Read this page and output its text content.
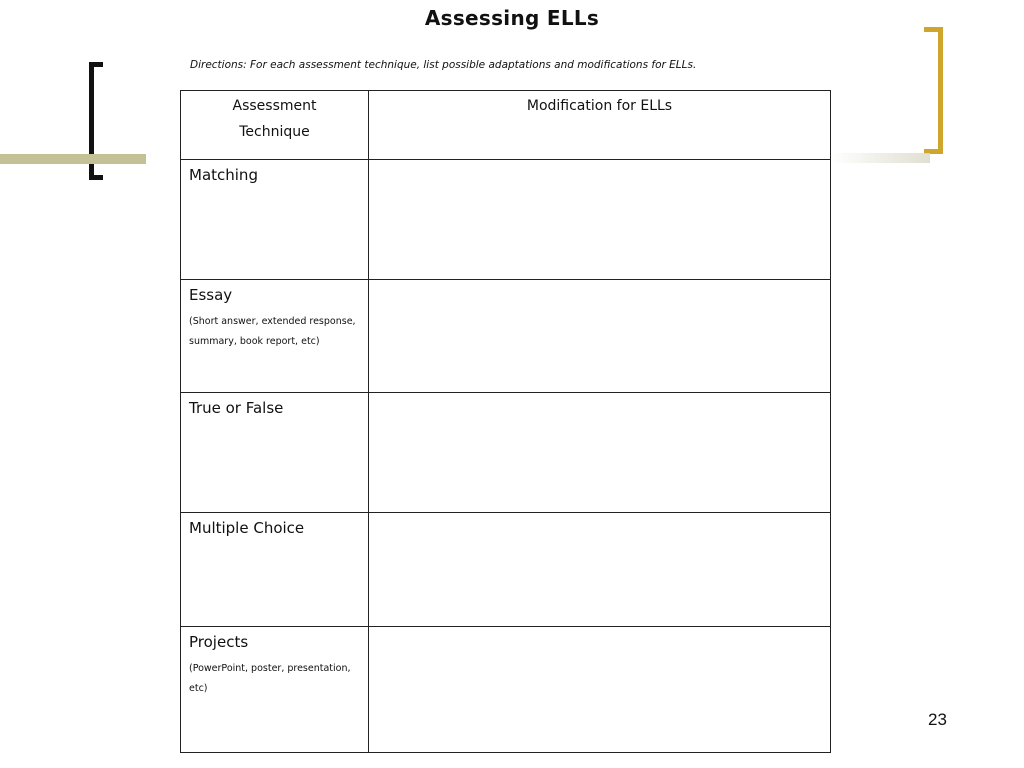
Assessing ELLs
Directions: For each assessment technique, list possible adaptations and modifications for ELLs.
Assessment
Technique	Modification for ELLs

Matching	

Essay
(Short answer, extended response, summary, book report, etc)	

True or False	

Multiple Choice	

Projects
(PowerPoint, poster, presentation, etc)	

23
